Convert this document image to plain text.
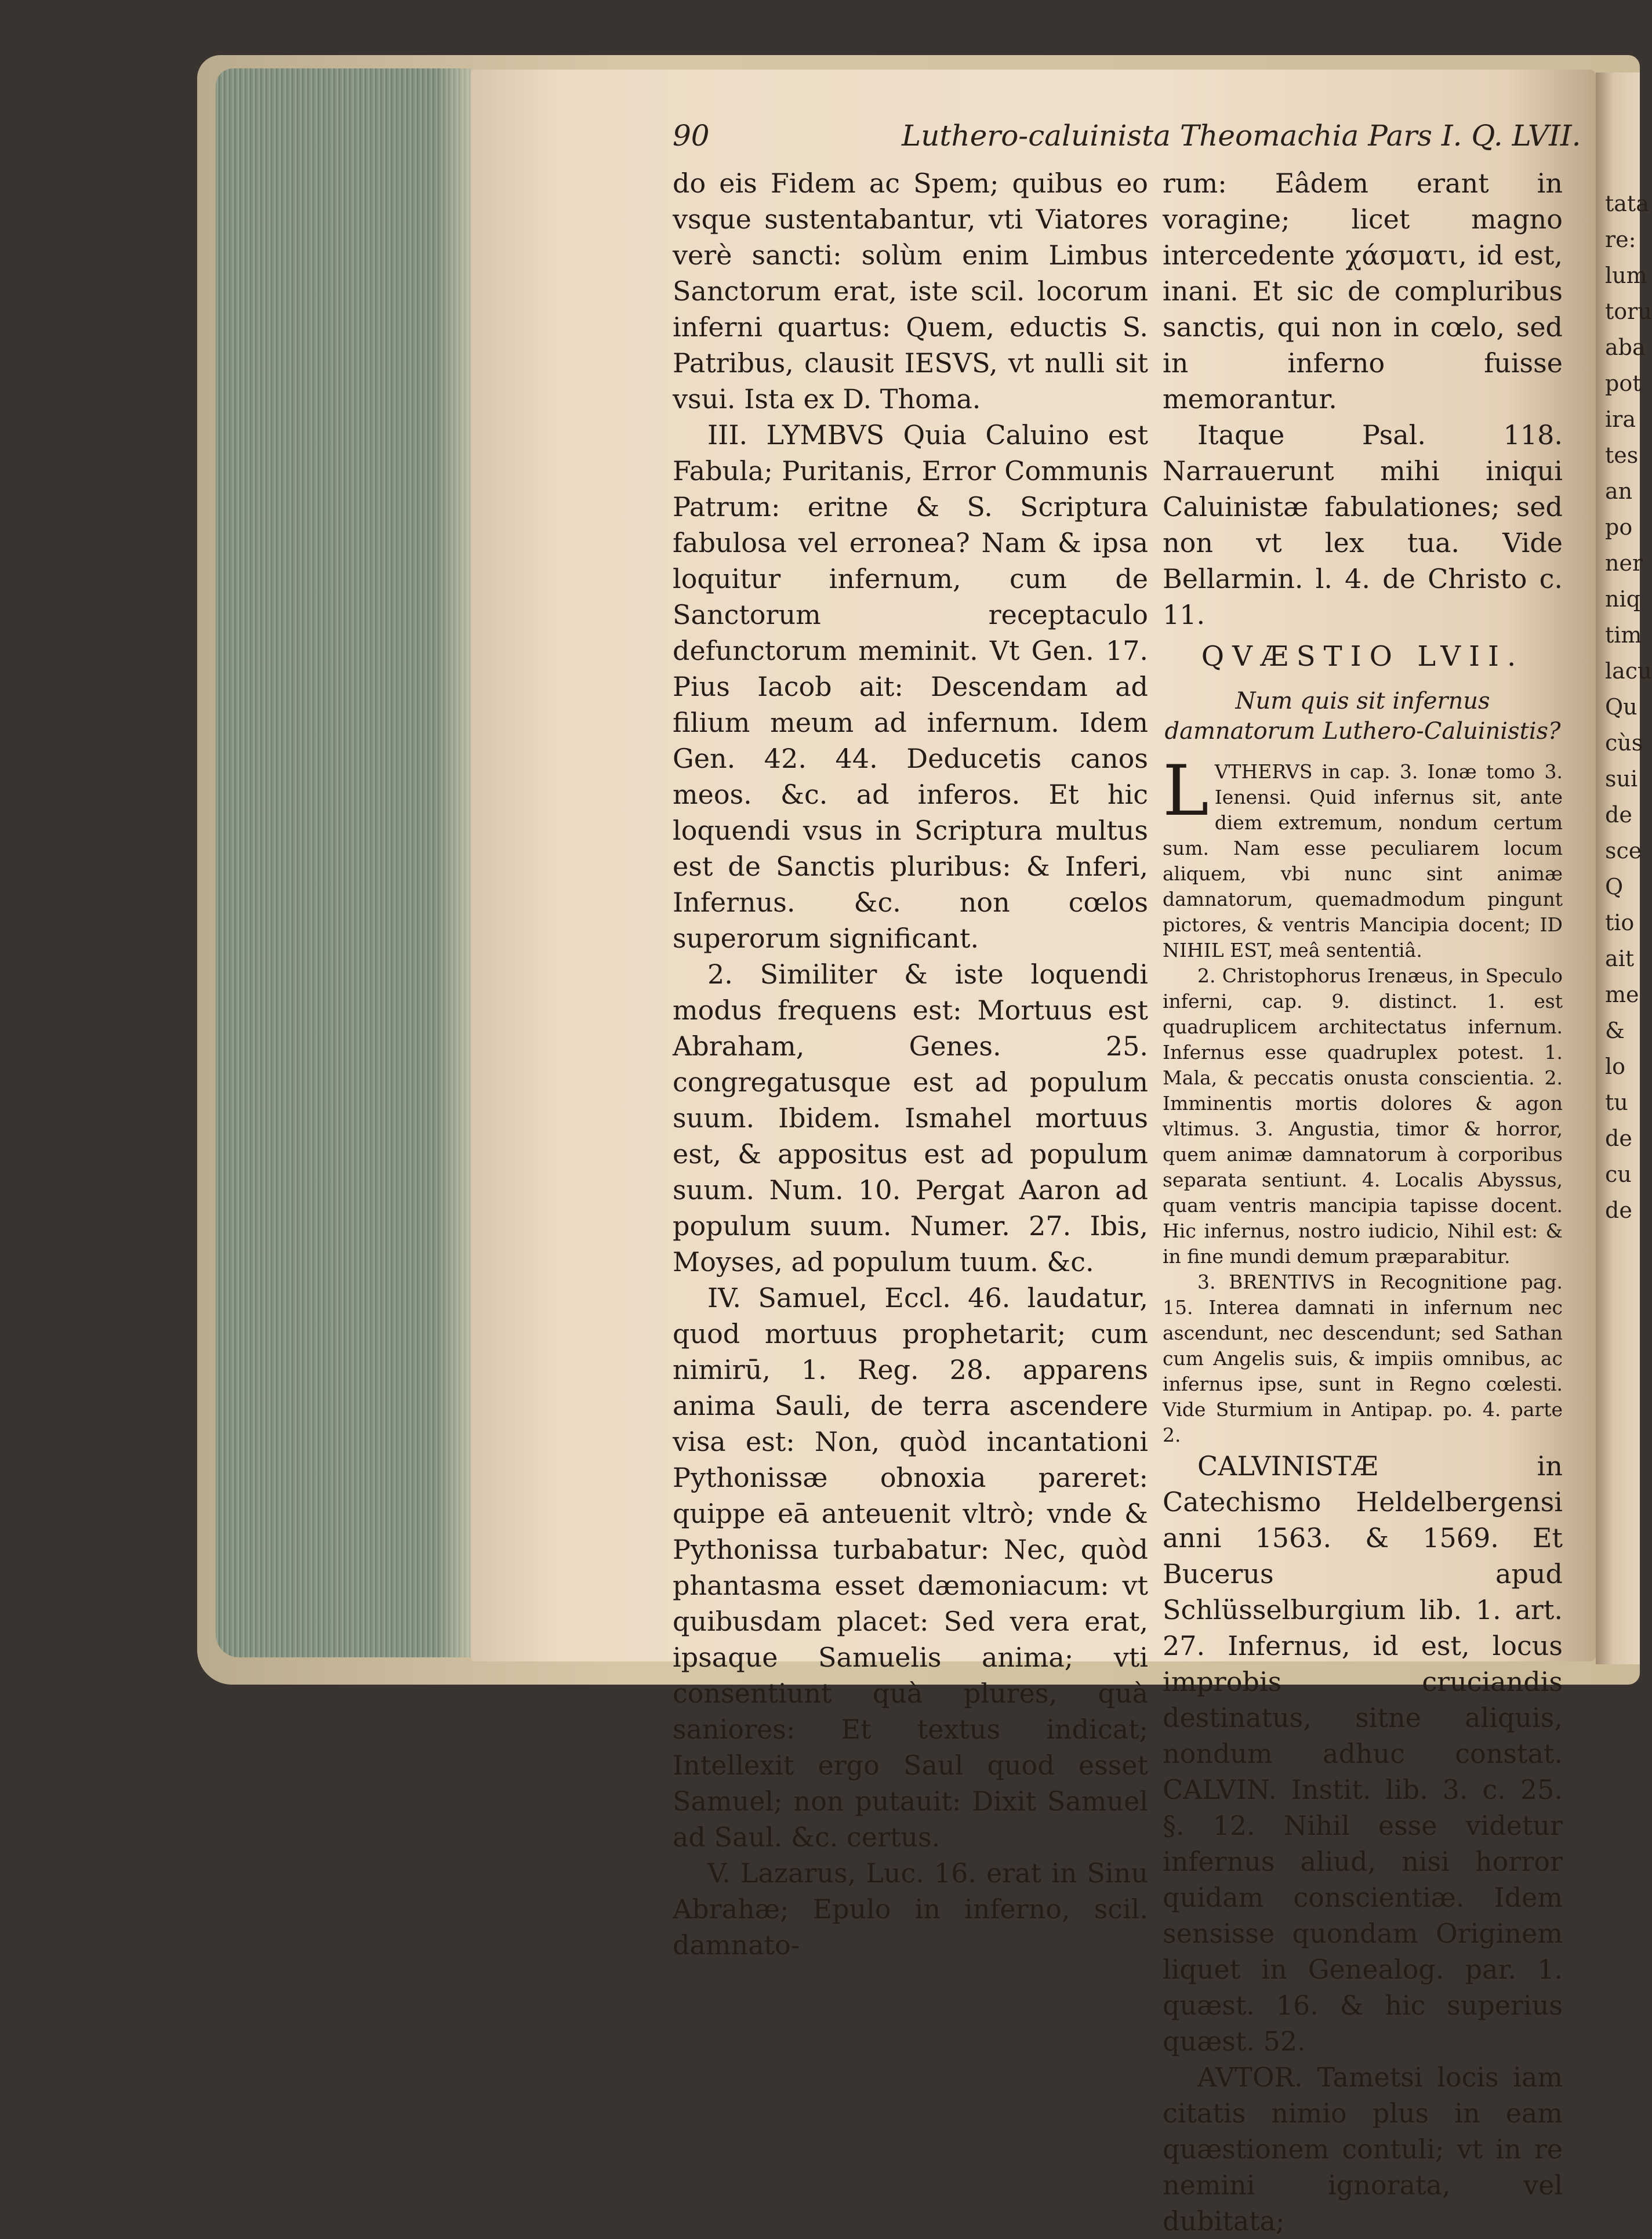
90	Luthero-caluinista Theomachia Pars I. Q. LVII.

do eis Fidem ac Spem; quibus eo vsque sustentabantur, vti Viatores verè sancti: solùm enim Limbus Sanctorum erat, iste scil. locorum inferni quartus: Quem, eductis S. Patribus, clausit IESVS, vt nulli sit vsui. Ista ex D. Thoma.

III. LYMBVS Quia Caluino est Fabula; Puritanis, Error Communis Patrum: eritne & S. Scriptura fabulosa vel erronea? Nam & ipsa loquitur infernum, cum de Sanctorum receptaculo defunctorum meminit. Vt Gen. 17. Pius Iacob ait: Descendam ad filium meum ad infernum. Idem Gen. 42. 44. Deducetis canos meos. &c. ad inferos. Et hic loquendi vsus in Scriptura multus est de Sanctis pluribus: & Inferi, Infernus. &c. non cœlos superorum significant.

2. Similiter & iste loquendi modus frequens est: Mortuus est Abraham, Genes. 25. congregatusque est ad populum suum. Ibidem. Ismahel mortuus est, & appositus est ad populum suum. Num. 10. Pergat Aaron ad populum suum. Numer. 27. Ibis, Moyses, ad populum tuum. &c.

IV. Samuel, Eccl. 46. laudatur, quod mortuus prophetarit; cum nimirū, 1. Reg. 28. apparens anima Sauli, de terra ascendere visa est: Non, quòd incantationi Pythonissæ obnoxia pareret: quippe eā anteuenit vltrò; vnde & Pythonissa turbabatur: Nec, quòd phantasma esset dæmoniacum: vt quibusdam placet: Sed vera erat, ipsaque Samuelis anima; vti consentiunt quà plures, quà saniores: Et textus indicat; Intellexit ergo Saul quod esset Samuel; non putauit: Dixit Samuel ad Saul. &c. certus.

V. Lazarus, Luc. 16. erat in Sinu Abrahæ; Epulo in inferno, scil. damnato-

rum: Eâdem erant in voragine; licet magno intercedente χάσματι, id est, inani. Et sic de compluribus sanctis, qui non in cœlo, sed in inferno fuisse memorantur.

Itaque Psal. 118. Narrauerunt mihi iniqui Caluinistæ fabulationes; sed non vt lex tua. Vide Bellarmin. l. 4. de Christo c. 11.

QVÆSTIO LVII.
Num quis sit infernus damnatorum Luthero-Caluinistis?

LVTHERVS in cap. 3. Ionæ tomo 3. Ienensi. Quid infernus sit, ante diem extremum, nondum certum sum. Nam esse peculiarem locum aliquem, vbi nunc sint animæ damnatorum, quemadmodum pingunt pictores, & ventris Mancipia docent; ID NIHIL EST, meâ sententiâ.

2. Christophorus Irenæus, in Speculo inferni, cap. 9. distinct. 1. est quadruplicem architectatus infernum. Infernus esse quadruplex potest. 1. Mala, & peccatis onusta conscientia. 2. Imminentis mortis dolores & agon vltimus. 3. Angustia, timor & horror, quem animæ damnatorum à corporibus separata sentiunt. 4. Localis Abyssus, quam ventris mancipia tapisse docent. Hic infernus, nostro iudicio, Nihil est: & in fine mundi demum præparabitur.

3. BRENTIVS in Recognitione pag. 15. Interea damnati in infernum nec ascendunt, nec descendunt; sed Sathan cum Angelis suis, & impiis omnibus, ac infernus ipse, sunt in Regno cœlesti. Vide Sturmium in Antipap. po. 4. parte 2.

CALVINISTÆ in Catechismo Heldelbergensi anni 1563. & 1569. Et Bucerus apud Schlüsselburgium lib. 1. art. 27. Infernus, id est, locus improbis cruciandis destinatus, sitne aliquis, nondum adhuc constat. CALVIN. Instit. lib. 3. c. 25. §. 12. Nihil esse videtur infernus aliud, nisi horror quidam conscientiæ. Idem sensisse quondam Originem liquet in Genealog. par. 1. quæst. 16. & hic superius quæst. 52.

AVTOR. Tametsi locis iam citatis nimio plus in eam quæstionem contuli; vt in re nemini ignorata, vel dubitata;

tata
re:
lum
toru
aba
pot
ira
tes
an
po
ner
niq
tim
lacu
Qu
cùs
sui
de
sce
Q
tio
ait
me
&
lo
tu
de
cu
de
